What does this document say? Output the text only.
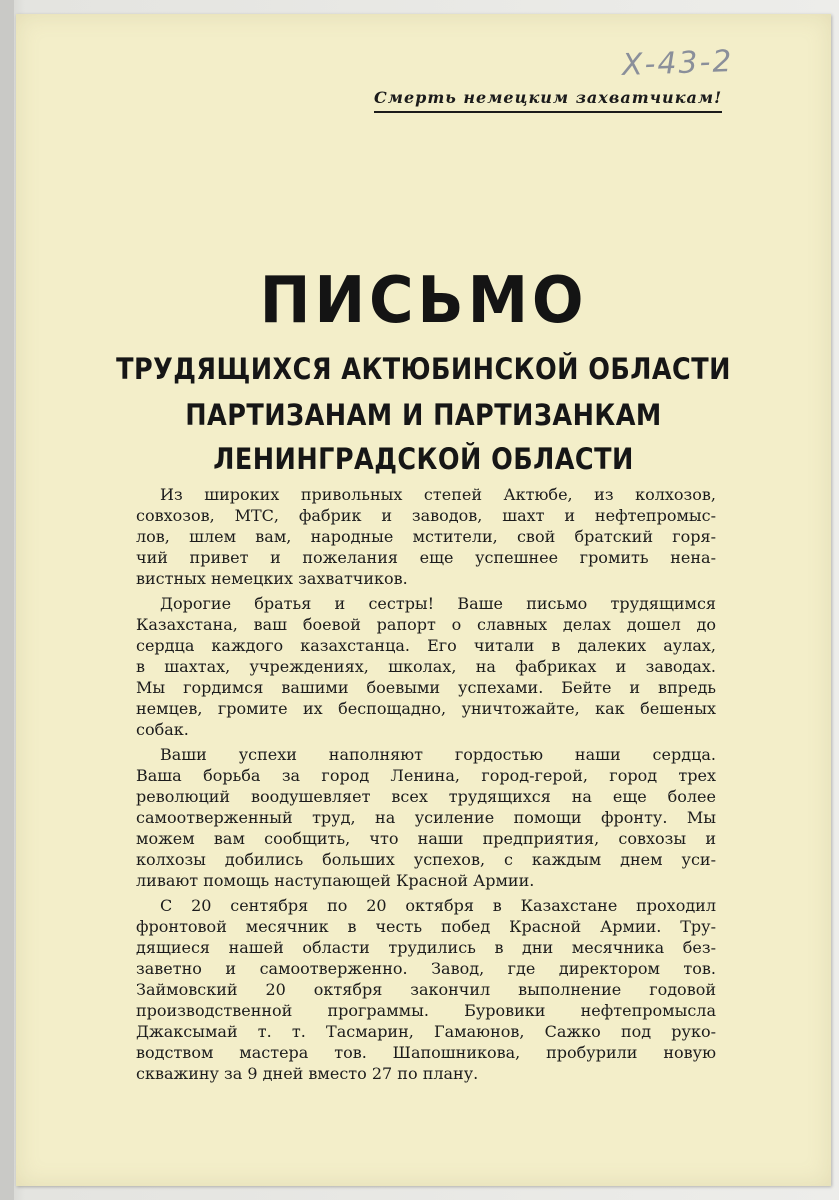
Х-43-2
Смерть немецким захватчикам!
ПИСЬМО
ТРУДЯЩИХСЯ АКТЮБИНСКОЙ ОБЛАСТИ
ПАРТИЗАНАМ И ПАРТИЗАНКАМ
ЛЕНИНГРАДСКОЙ ОБЛАСТИ

Из широких привольных степей Актюбе, из колхозов,
совхозов, МТС, фабрик и заводов, шахт и нефтепромыс-
лов, шлем вам, народные мстители, свой братский горя-
чий привет и пожелания еще успешнее громить нена-
вистных немецких захватчиков.

Дорогие братья и сестры! Ваше письмо трудящимся
Казахстана, ваш боевой рапорт о славных делах дошел до
сердца каждого казахстанца. Его читали в далеких аулах,
в шахтах, учреждениях, школах, на фабриках и заводах.
Мы гордимся вашими боевыми успехами. Бейте и впредь
немцев, громите их беспощадно, уничтожайте, как бешеных
собак.

Ваши успехи наполняют гордостью наши сердца.
Ваша борьба за город Ленина, город-герой, город трех
революций воодушевляет всех трудящихся на еще более
самоотверженный труд, на усиление помощи фронту. Мы
можем вам сообщить, что наши предприятия, совхозы и
колхозы добились больших успехов, с каждым днем уси-
ливают помощь наступающей Красной Армии.

С 20 сентября по 20 октября в Казахстане проходил
фронтовой месячник в честь побед Красной Армии. Тру-
дящиеся нашей области трудились в дни месячника без-
заветно и самоотверженно. Завод, где директором тов.
Займовский 20 октября закончил выполнение годовой
производственной программы. Буровики нефтепромысла
Джаксымай т. т. Тасмарин, Гамаюнов, Сажко под руко-
водством мастера тов. Шапошникова, пробурили новую
скважину за 9 дней вместо 27 по плану.
